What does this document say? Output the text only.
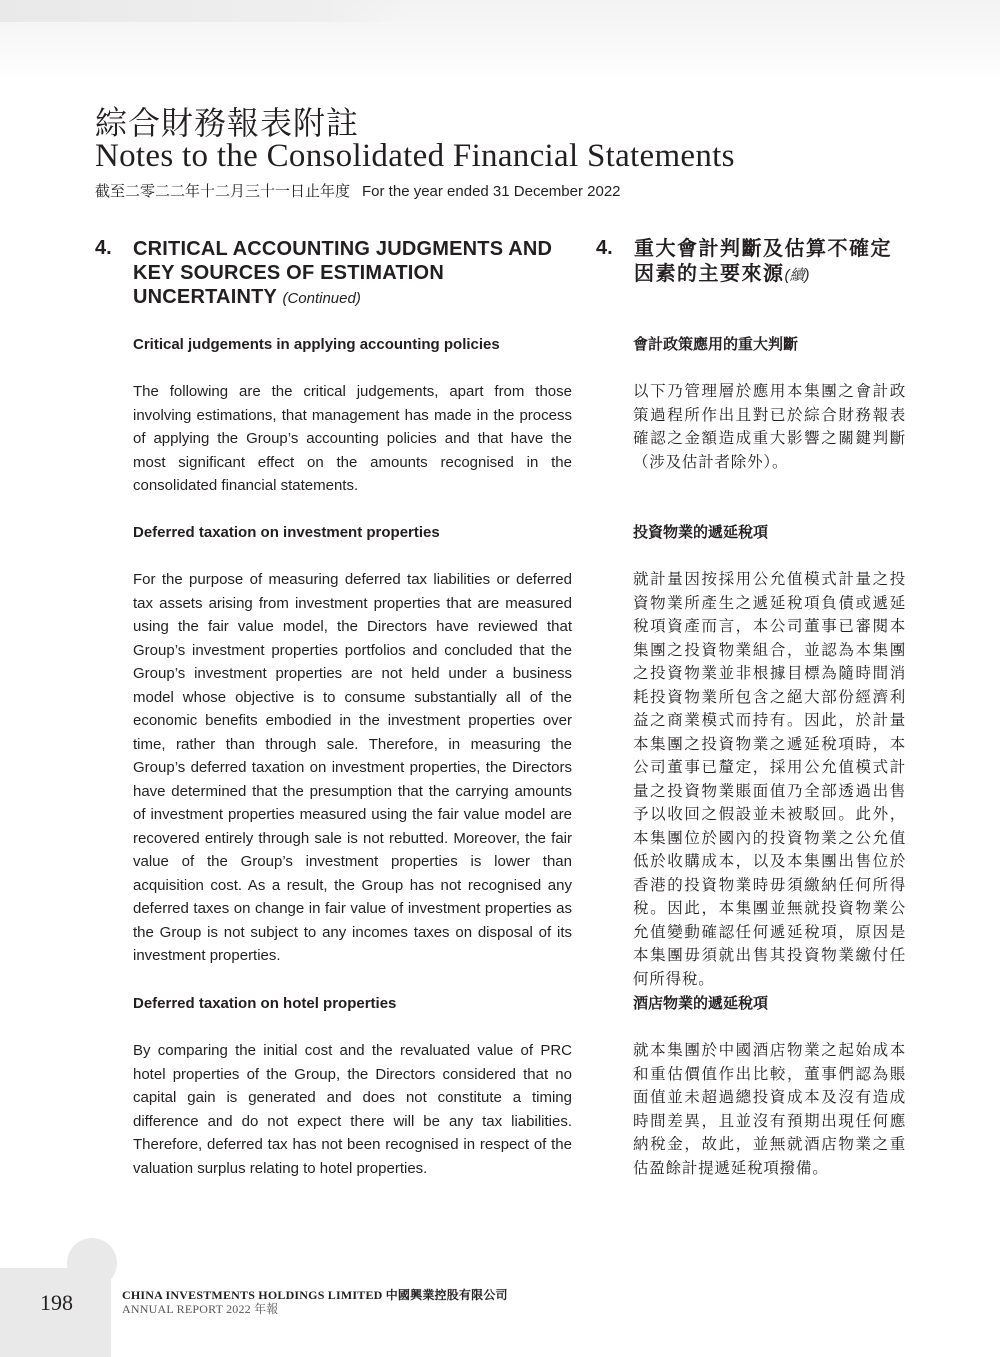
綜合財務報表附註
Notes to the Consolidated Financial Statements
截至二零二二年十二月三十一日止年度 For the year ended 31 December 2022
4. CRITICAL ACCOUNTING JUDGMENTS AND KEY SOURCES OF ESTIMATION UNCERTAINTY (Continued)
4. 重大會計判斷及估算不確定因素的主要來源(續)
Critical judgements in applying accounting policies
The following are the critical judgements, apart from those involving estimations, that management has made in the process of applying the Group’s accounting policies and that have the most significant effect on the amounts recognised in the consolidated financial statements.
Deferred taxation on investment properties
For the purpose of measuring deferred tax liabilities or deferred tax assets arising from investment properties that are measured using the fair value model, the Directors have reviewed that Group’s investment properties portfolios and concluded that the Group’s investment properties are not held under a business model whose objective is to consume substantially all of the economic benefits embodied in the investment properties over time, rather than through sale. Therefore, in measuring the Group’s deferred taxation on investment properties, the Directors have determined that the presumption that the carrying amounts of investment properties measured using the fair value model are recovered entirely through sale is not rebutted. Moreover, the fair value of the Group’s investment properties is lower than acquisition cost. As a result, the Group has not recognised any deferred taxes on change in fair value of investment properties as the Group is not subject to any incomes taxes on disposal of its investment properties.
Deferred taxation on hotel properties
By comparing the initial cost and the revaluated value of PRC hotel properties of the Group, the Directors considered that no capital gain is generated and does not constitute a timing difference and do not expect there will be any tax liabilities. Therefore, deferred tax has not been recognised in respect of the valuation surplus relating to hotel properties.
會計政策應用的重大判斷
以下乃管理層於應用本集團之會計政策過程所作出且對已於綜合財務報表確認之金額造成重大影響之關鍵判斷（涉及估計者除外）。
投資物業的遞延稅項
就計量因按採用公允值模式計量之投資物業所產生之遞延稅項負債或遞延稅項資產而言，本公司董事已審閱本集團之投資物業組合，並認為本集團之投資物業並非根據目標為隨時間消耗投資物業所包含之絕大部份經濟利益之商業模式而持有。因此，於計量本集團之投資物業之遞延稅項時，本公司董事已釐定，採用公允值模式計量之投資物業賬面值乃全部透過出售予以收回之假設並未被駁回。此外，本集團位於國內的投資物業之公允值低於收購成本，以及本集團出售位於香港的投資物業時毋須繳納任何所得稅。因此，本集團並無就投資物業公允值變動確認任何遞延稅項，原因是本集團毋須就出售其投資物業繳付任何所得稅。
酒店物業的遞延稅項
就本集團於中國酒店物業之起始成本和重估價值作出比較，董事們認為賬面值並未超過總投資成本及沒有造成時間差異，且並沒有預期出現任何應納稅金，故此，並無就酒店物業之重估盈餘計提遞延稅項撥備。
198	CHINA INVESTMENTS HOLDINGS LIMITED 中國興業控股有限公司
ANNUAL REPORT 2022 年報
